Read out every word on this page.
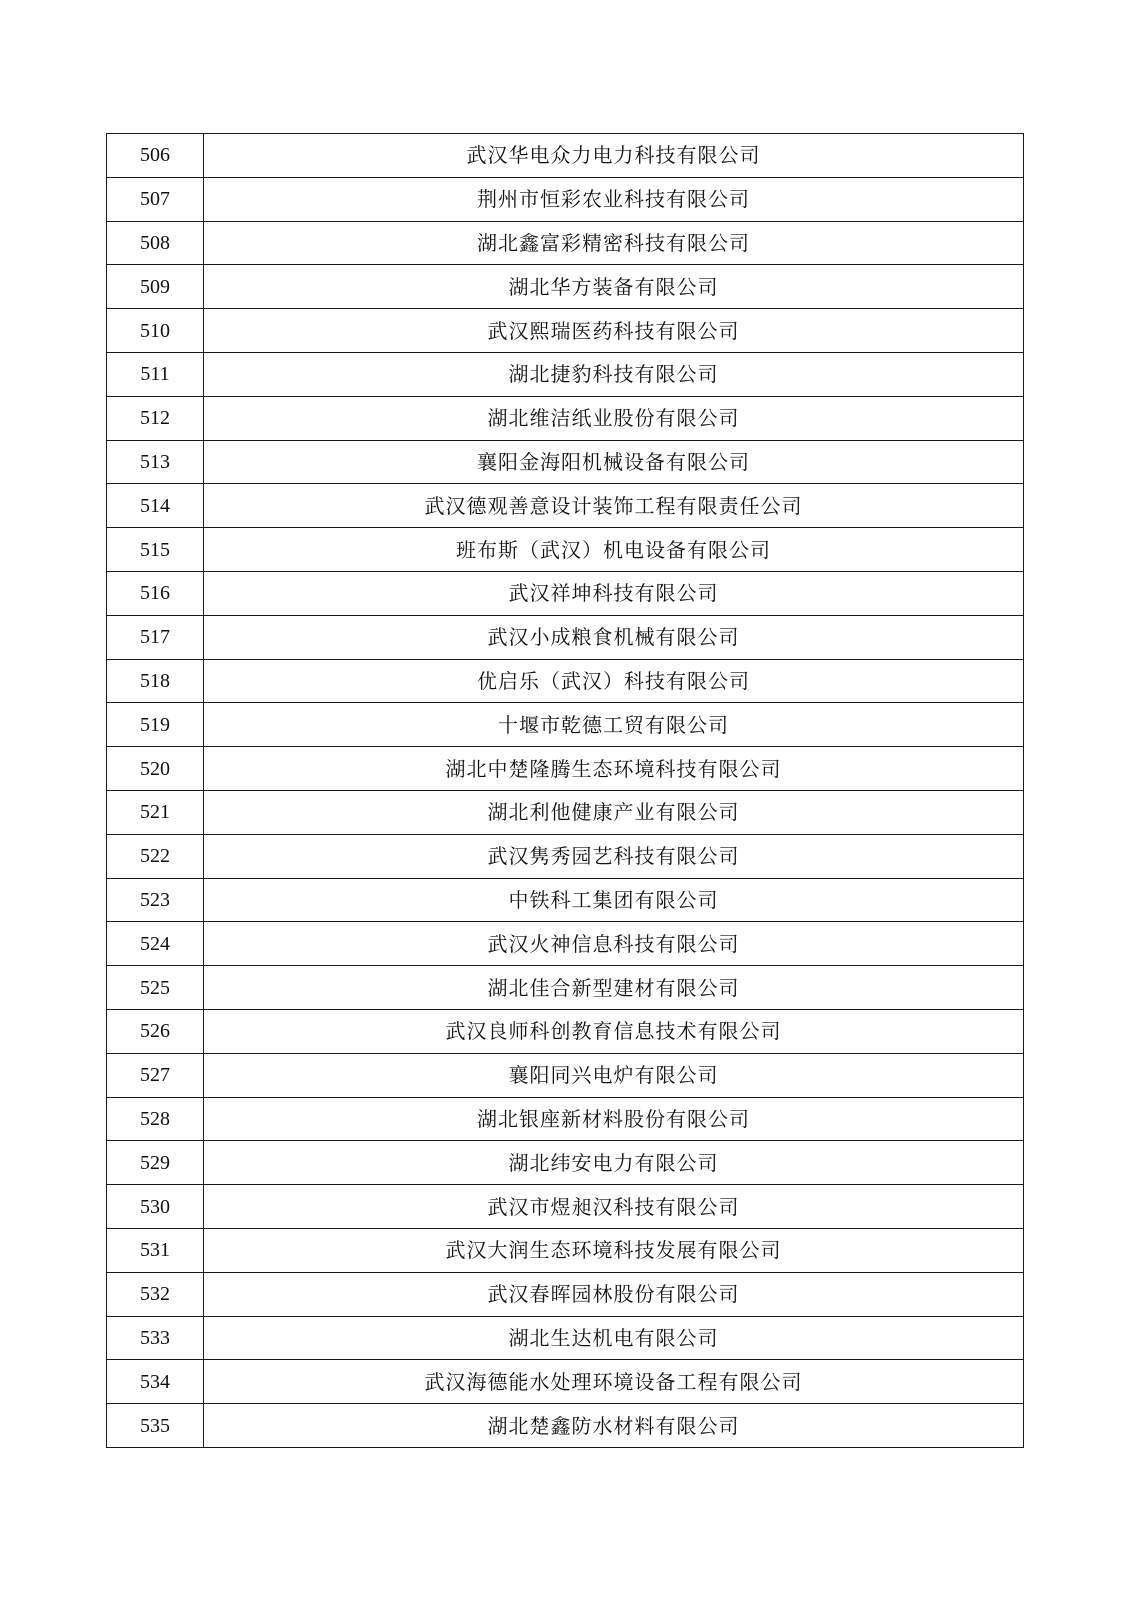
506	武汉华电众力电力科技有限公司
507	荆州市恒彩农业科技有限公司
508	湖北鑫富彩精密科技有限公司
509	湖北华方装备有限公司
510	武汉熙瑞医药科技有限公司
511	湖北捷豹科技有限公司
512	湖北维洁纸业股份有限公司
513	襄阳金海阳机械设备有限公司
514	武汉德观善意设计装饰工程有限责任公司
515	班布斯（武汉）机电设备有限公司
516	武汉祥坤科技有限公司
517	武汉小成粮食机械有限公司
518	优启乐（武汉）科技有限公司
519	十堰市乾德工贸有限公司
520	湖北中楚隆腾生态环境科技有限公司
521	湖北利他健康产业有限公司
522	武汉隽秀园艺科技有限公司
523	中铁科工集团有限公司
524	武汉火神信息科技有限公司
525	湖北佳合新型建材有限公司
526	武汉良师科创教育信息技术有限公司
527	襄阳同兴电炉有限公司
528	湖北银座新材料股份有限公司
529	湖北纬安电力有限公司
530	武汉市煜昶汉科技有限公司
531	武汉大润生态环境科技发展有限公司
532	武汉春晖园林股份有限公司
533	湖北生达机电有限公司
534	武汉海德能水处理环境设备工程有限公司
535	湖北楚鑫防水材料有限公司
